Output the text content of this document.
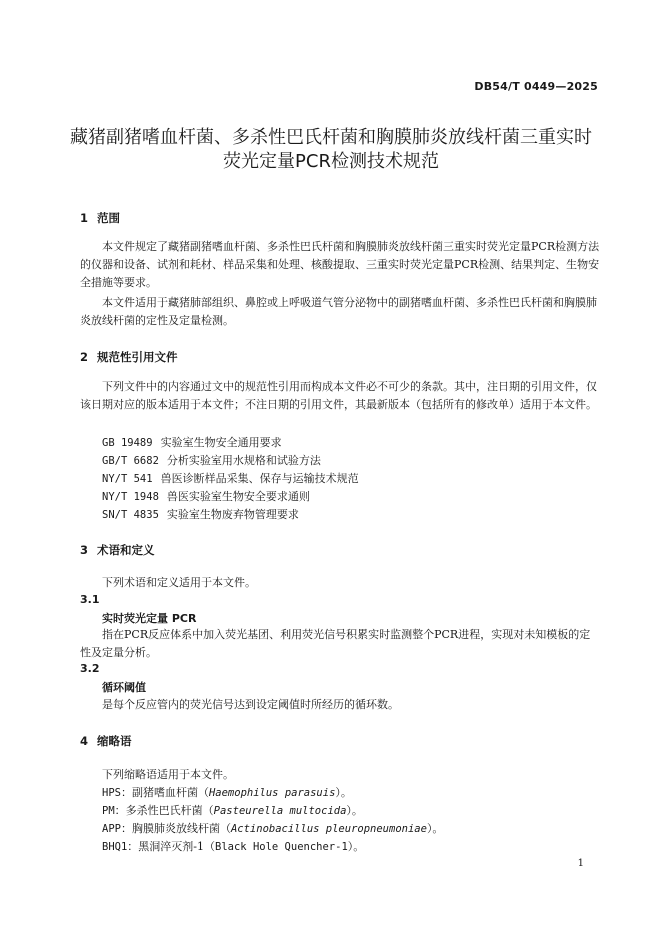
DB54/T 0449—2025
藏猪副猪嗜血杆菌、多杀性巴氏杆菌和胸膜肺炎放线杆菌三重实时
荧光定量PCR检测技术规范
1 范围

本文件规定了藏猪副猪嗜血杆菌、多杀性巴氏杆菌和胸膜肺炎放线杆菌三重实时荧光定量PCR检测方法的仪器和设备、试剂和耗材、样品采集和处理、核酸提取、三重实时荧光定量PCR检测、结果判定、生物安全措施等要求。

本文件适用于藏猪肺部组织、鼻腔或上呼吸道气管分泌物中的副猪嗜血杆菌、多杀性巴氏杆菌和胸膜肺炎放线杆菌的定性及定量检测。

2 规范性引用文件

下列文件中的内容通过文中的规范性引用而构成本文件必不可少的条款。其中，注日期的引用文件，仅该日期对应的版本适用于本文件；不注日期的引用文件，其最新版本（包括所有的修改单）适用于本文件。

GB 19489 实验室生物安全通用要求
GB/T 6682 分析实验室用水规格和试验方法
NY/T 541 兽医诊断样品采集、保存与运输技术规范
NY/T 1948 兽医实验室生物安全要求通则
SN/T 4835 实验室生物废弃物管理要求
3 术语和定义
下列术语和定义适用于本文件。
3.1
实时荧光定量 PCR

指在PCR反应体系中加入荧光基团、利用荧光信号积累实时监测整个PCR进程，实现对未知模板的定性及定量分析。

3.2
循环阈值
是每个反应管内的荧光信号达到设定阈值时所经历的循环数。
4 缩略语
下列缩略语适用于本文件。
HPS：副猪嗜血杆菌（Haemophilus parasuis）。
PM：多杀性巴氏杆菌（Pasteurella multocida）。
APP：胸膜肺炎放线杆菌（Actinobacillus pleuropneumoniae）。
BHQ1：黑洞淬灭剂-1（Black Hole Quencher-1）。
1
